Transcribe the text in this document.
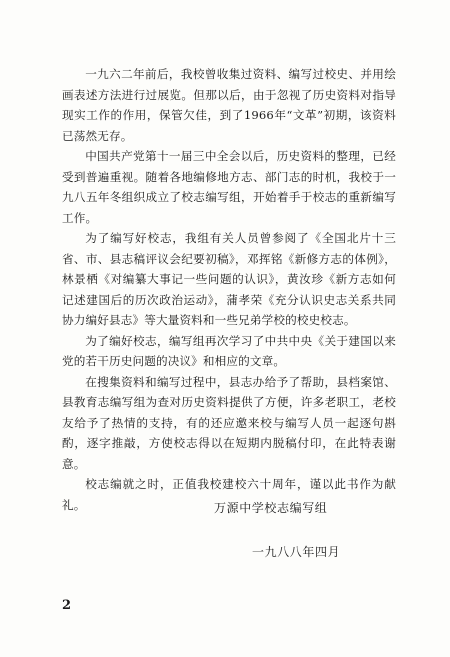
一九六二年前后，我校曾收集过资料、编写过校史、并用绘画表述方法进行过展览。但那以后，由于忽视了历史资料对指导现实工作的作用，保管欠佳，到了1966年“文革”初期，该资料已荡然无存。

中国共产党第十一届三中全会以后，历史资料的整理，已经受到普遍重视。随着各地编修地方志、部门志的时机，我校于一九八五年冬组织成立了校志编写组，开始着手于校志的重新编写工作。

为了编写好校志，我组有关人员曾参阅了《全国北片十三省、市、县志稿评议会纪要初稿》，邓挥铭《新修方志的体例》，林景栖《对编纂大事记一些问题的认识》，黄汝珍《新方志如何记述建国后的历次政治运动》，蒲孝荣《充分认识史志关系共同协力编好县志》等大量资料和一些兄弟学校的校史校志。

为了编好校志，编写组再次学习了中共中央《关于建国以来党的若干历史问题的决议》和相应的文章。

在搜集资料和编写过程中，县志办给予了帮助，县档案馆、县教育志编写组为查对历史资料提供了方便，许多老职工，老校友给予了热情的支持，有的还应邀来校与编写人员一起逐句斟酌，逐字推敲，方使校志得以在短期内脱稿付印，在此特表谢意。

校志编就之时，正值我校建校六十周年，谨以此书作为献礼。	万源中学校志编写组
一九八八年四月
2
